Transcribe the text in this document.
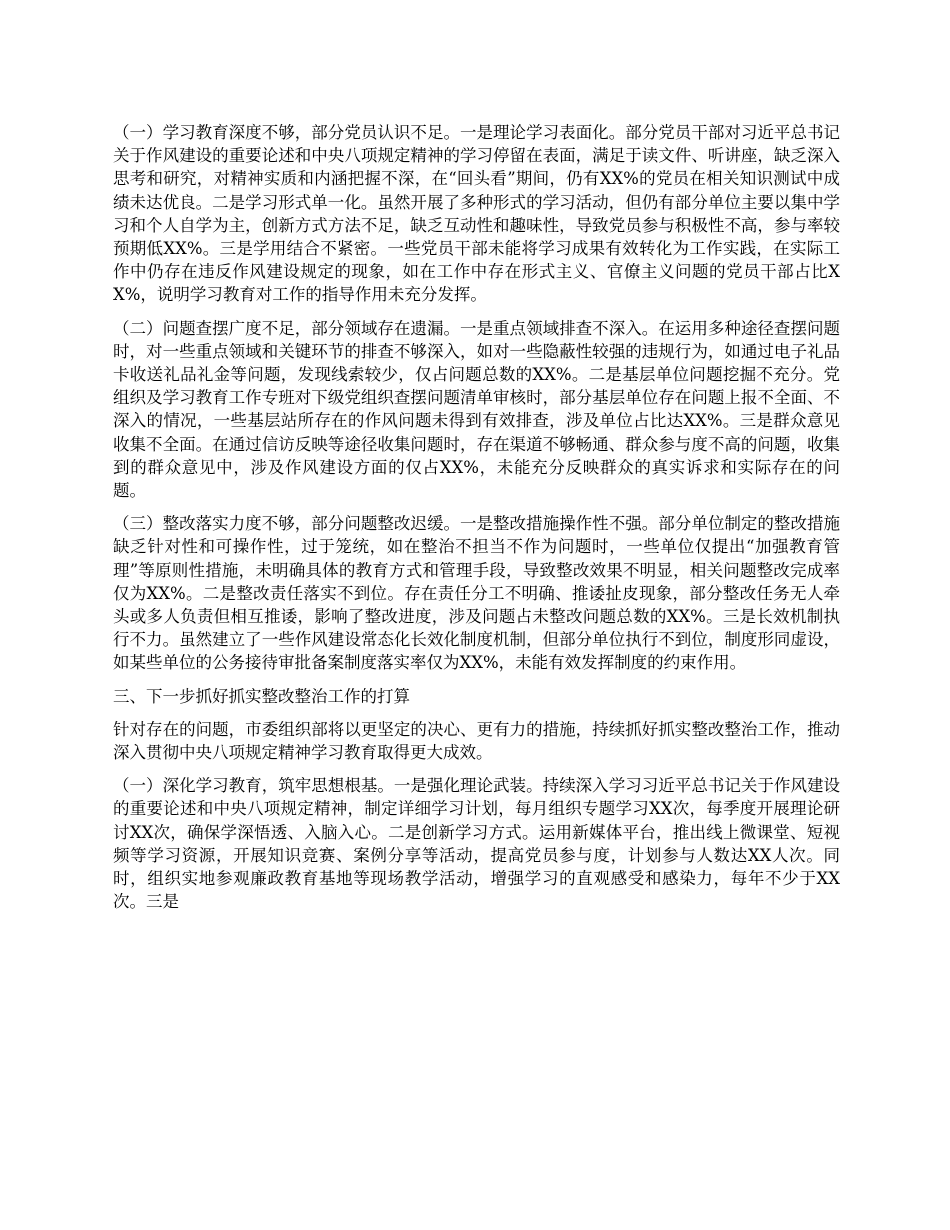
（一）学习教育深度不够，部分党员认识不足。一是理论学习表面化。部分党员干部对习近平总书记关于作风建设的重要论述和中央八项规定精神的学习停留在表面，满足于读文件、听讲座，缺乏深入思考和研究，对精神实质和内涵把握不深，在“回头看”期间，仍有XX%的党员在相关知识测试中成绩未达优良。二是学习形式单一化。虽然开展了多种形式的学习活动，但仍有部分单位主要以集中学习和个人自学为主，创新方式方法不足，缺乏互动性和趣味性，导致党员参与积极性不高，参与率较预期低XX%。三是学用结合不紧密。一些党员干部未能将学习成果有效转化为工作实践，在实际工作中仍存在违反作风建设规定的现象，如在工作中存在形式主义、官僚主义问题的党员干部占比XX%，说明学习教育对工作的指导作用未充分发挥。

（二）问题查摆广度不足，部分领域存在遗漏。一是重点领域排查不深入。在运用多种途径查摆问题时，对一些重点领域和关键环节的排查不够深入，如对一些隐蔽性较强的违规行为，如通过电子礼品卡收送礼品礼金等问题，发现线索较少，仅占问题总数的XX%。二是基层单位问题挖掘不充分。党组织及学习教育工作专班对下级党组织查摆问题清单审核时，部分基层单位存在问题上报不全面、不深入的情况，一些基层站所存在的作风问题未得到有效排查，涉及单位占比达XX%。三是群众意见收集不全面。在通过信访反映等途径收集问题时，存在渠道不够畅通、群众参与度不高的问题，收集到的群众意见中，涉及作风建设方面的仅占XX%，未能充分反映群众的真实诉求和实际存在的问题。

（三）整改落实力度不够，部分问题整改迟缓。一是整改措施操作性不强。部分单位制定的整改措施缺乏针对性和可操作性，过于笼统，如在整治不担当不作为问题时，一些单位仅提出“加强教育管理”等原则性措施，未明确具体的教育方式和管理手段，导致整改效果不明显，相关问题整改完成率仅为XX%。二是整改责任落实不到位。存在责任分工不明确、推诿扯皮现象，部分整改任务无人牵头或多人负责但相互推诿，影响了整改进度，涉及问题占未整改问题总数的XX%。三是长效机制执行不力。虽然建立了一些作风建设常态化长效化制度机制，但部分单位执行不到位，制度形同虚设，如某些单位的公务接待审批备案制度落实率仅为XX%，未能有效发挥制度的约束作用。

三、下一步抓好抓实整改整治工作的打算

针对存在的问题，市委组织部将以更坚定的决心、更有力的措施，持续抓好抓实整改整治工作，推动深入贯彻中央八项规定精神学习教育取得更大成效。

（一）深化学习教育，筑牢思想根基。一是强化理论武装。持续深入学习习近平总书记关于作风建设的重要论述和中央八项规定精神，制定详细学习计划，每月组织专题学习XX次，每季度开展理论研讨XX次，确保学深悟透、入脑入心。二是创新学习方式。运用新媒体平台，推出线上微课堂、短视频等学习资源，开展知识竞赛、案例分享等活动，提高党员参与度，计划参与人数达XX人次。同时，组织实地参观廉政教育基地等现场教学活动，增强学习的直观感受和感染力，每年不少于XX次。三是
